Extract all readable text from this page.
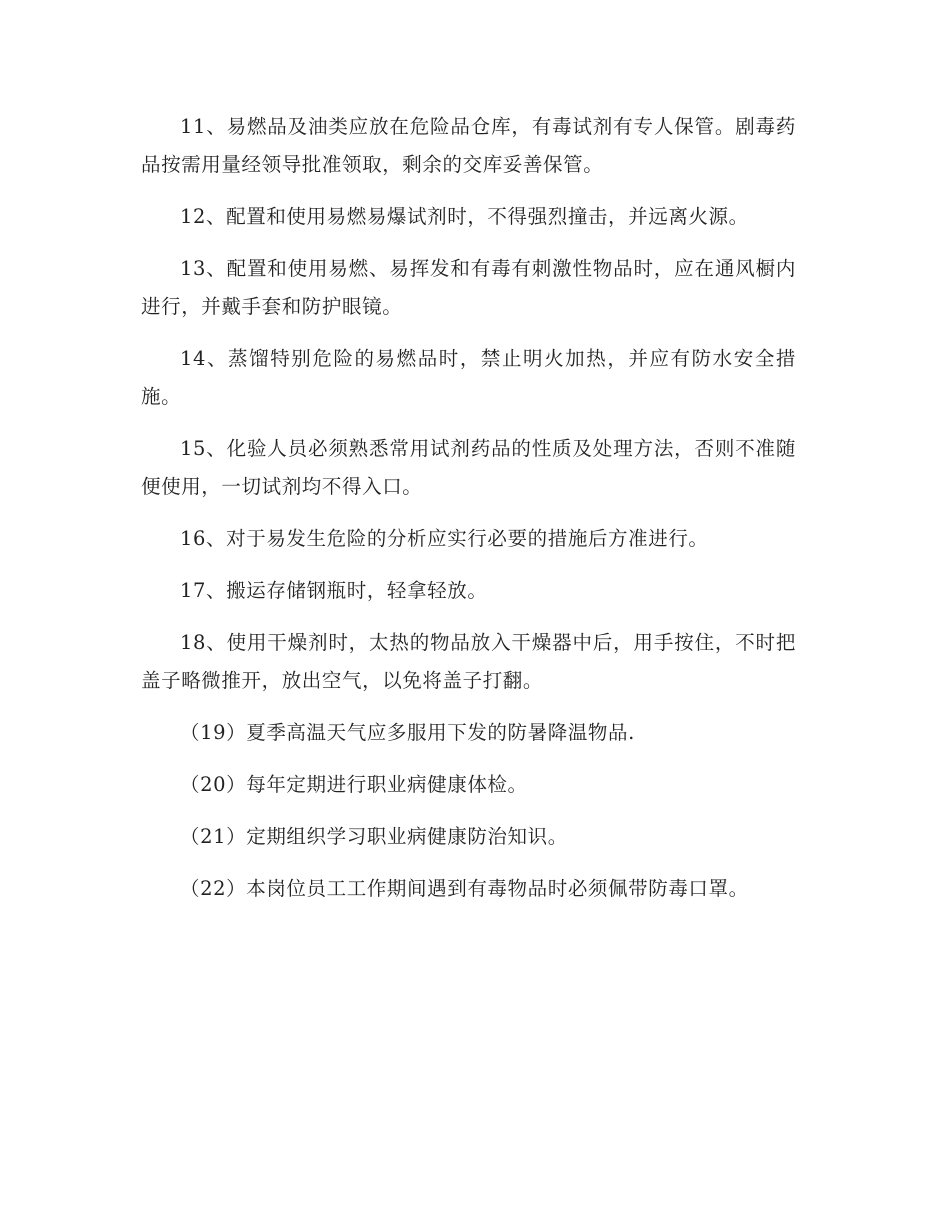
11、易燃品及油类应放在危险品仓库，有毒试剂有专人保管。剧毒药品按需用量经领导批准领取，剩余的交库妥善保管。

12、配置和使用易燃易爆试剂时，不得强烈撞击，并远离火源。

13、配置和使用易燃、易挥发和有毒有刺激性物品时，应在通风橱内进行，并戴手套和防护眼镜。

14、蒸馏特别危险的易燃品时，禁止明火加热，并应有防水安全措施。

15、化验人员必须熟悉常用试剂药品的性质及处理方法，否则不准随便使用，一切试剂均不得入口。

16、对于易发生危险的分析应实行必要的措施后方准进行。

17、搬运存储钢瓶时，轻拿轻放。

18、使用干燥剂时，太热的物品放入干燥器中后，用手按住，不时把盖子略微推开，放出空气，以免将盖子打翻。

（19）夏季高温天气应多服用下发的防暑降温物品.

（20）每年定期进行职业病健康体检。

（21）定期组织学习职业病健康防治知识。

（22）本岗位员工工作期间遇到有毒物品时必须佩带防毒口罩。
